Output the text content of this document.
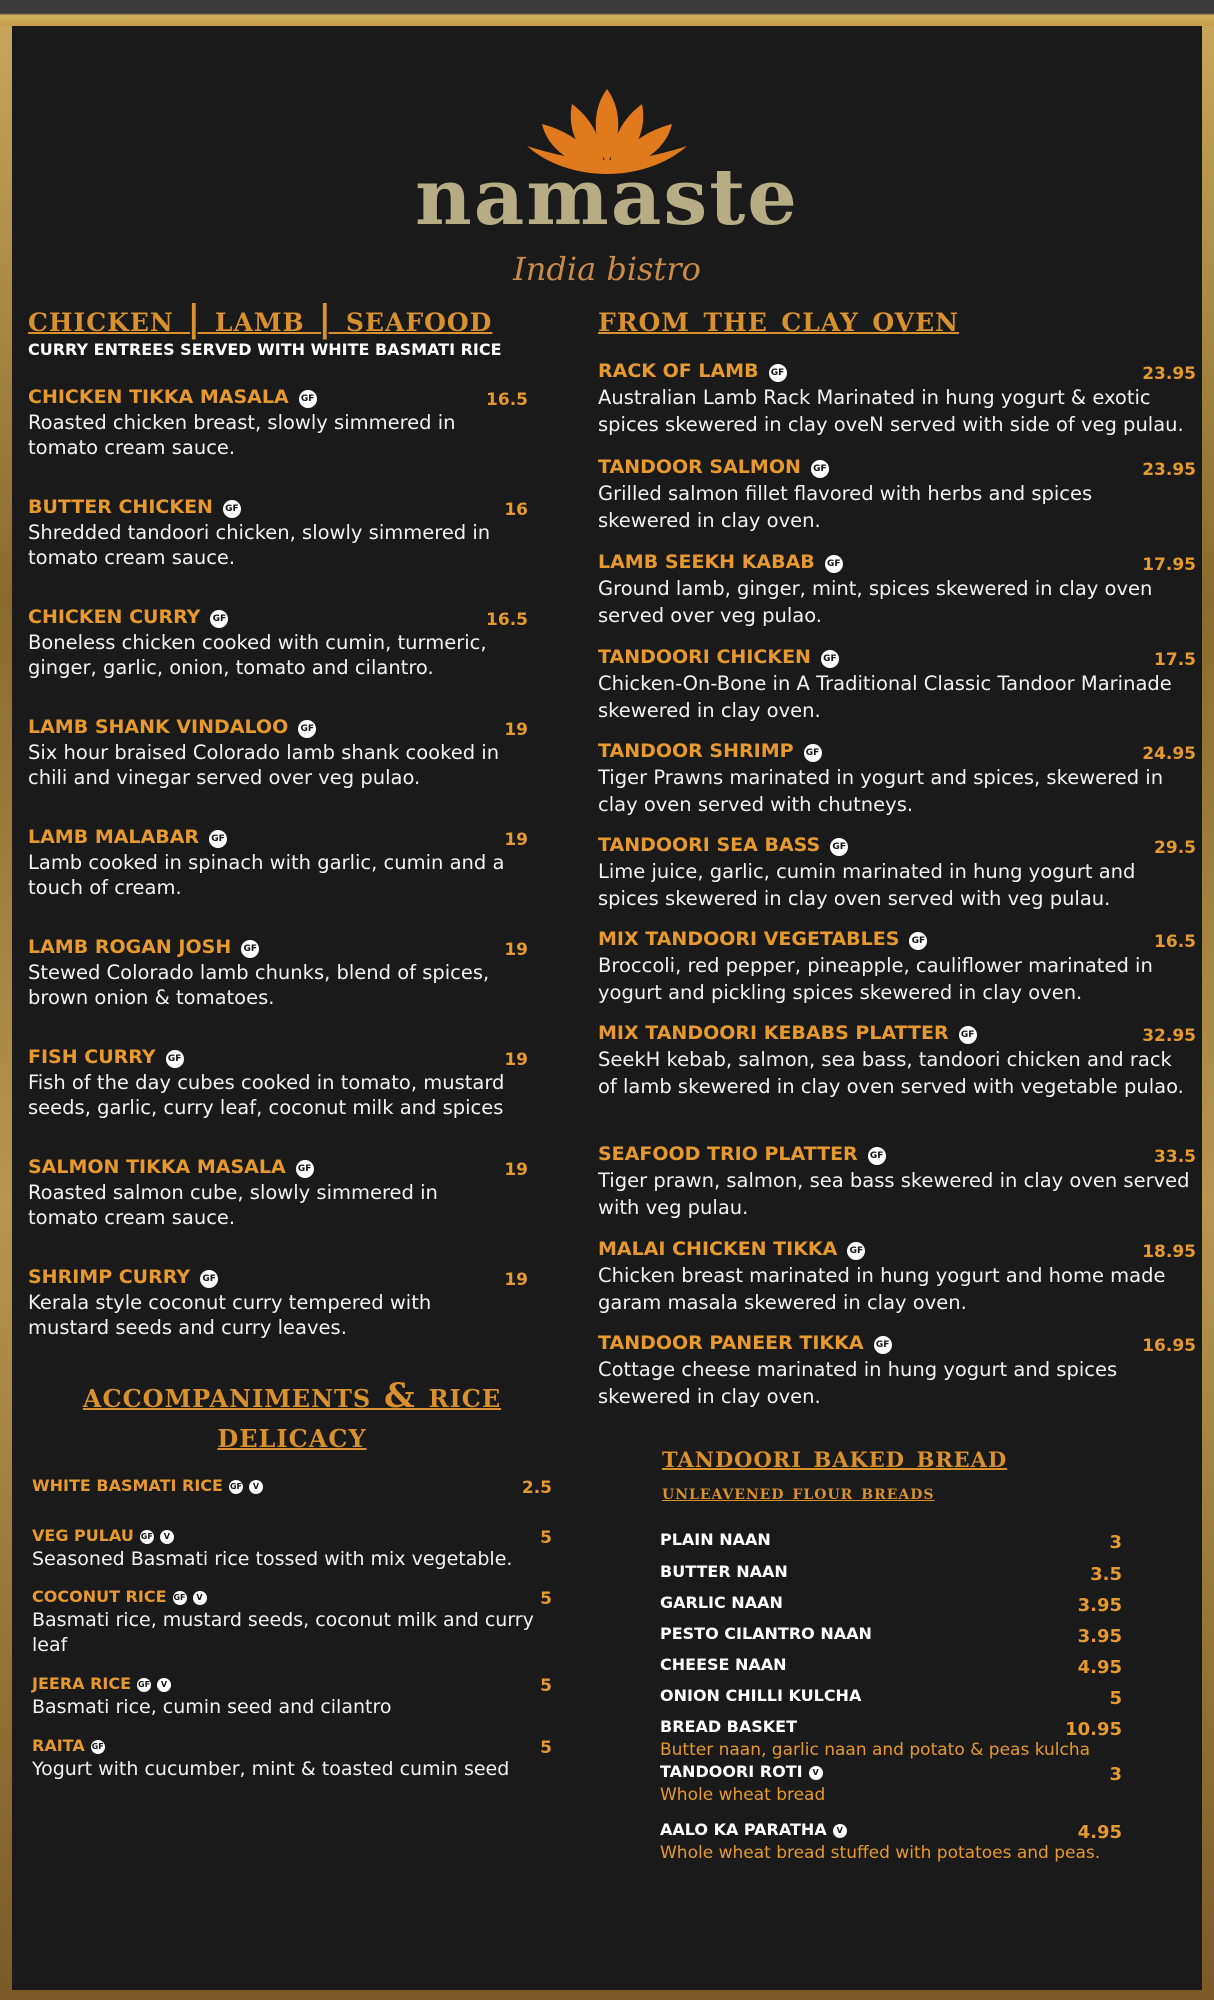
namaste
India bistro
chicken | lamb | seafood
CURRY ENTREES SERVED WITH WHITE BASMATI RICE
CHICKEN TIKKA MASALA GF	16.5
Roasted chicken breast, slowly simmered in tomato cream sauce.
BUTTER CHICKEN GF	16
Shredded tandoori chicken, slowly simmered in tomato cream sauce.
CHICKEN CURRY GF	16.5
Boneless chicken cooked with cumin, turmeric, ginger, garlic, onion, tomato and cilantro.
LAMB SHANK VINDALOO GF	19
Six hour braised Colorado lamb shank cooked in chili and vinegar served over veg pulao.
LAMB MALABAR GF	19
Lamb cooked in spinach with garlic, cumin and a touch of cream.
LAMB ROGAN JOSH GF	19
Stewed Colorado lamb chunks, blend of spices, brown onion & tomatoes.
FISH CURRY GF	19
Fish of the day cubes cooked in tomato, mustard seeds, garlic, curry leaf, coconut milk and spices
SALMON TIKKA MASALA GF	19
Roasted salmon cube, slowly simmered in tomato cream sauce.
SHRIMP CURRY GF	19
Kerala style coconut curry tempered with mustard seeds and curry leaves.
from the clay oven
RACK OF LAMB GF	23.95
Australian Lamb Rack Marinated in hung yogurt & exotic spices skewered in clay oveN served with side of veg pulau.
TANDOOR SALMON GF	23.95
Grilled salmon fillet flavored with herbs and spices skewered in clay oven.
LAMB SEEKH KABAB GF	17.95
Ground lamb, ginger, mint, spices skewered in clay oven served over veg pulao.
TANDOORI CHICKEN GF	17.5
Chicken-On-Bone in A Traditional Classic Tandoor Marinade skewered in clay oven.
TANDOOR SHRIMP GF	24.95
Tiger Prawns marinated in yogurt and spices, skewered in clay oven served with chutneys.
TANDOORI SEA BASS GF	29.5
Lime juice, garlic, cumin marinated in hung yogurt and spices skewered in clay oven served with veg pulau.
MIX TANDOORI VEGETABLES GF	16.5
Broccoli, red pepper, pineapple, cauliflower marinated in yogurt and pickling spices skewered in clay oven.
MIX TANDOORI KEBABS PLATTER GF	32.95
SeekH kebab, salmon, sea bass, tandoori chicken and rack of lamb skewered in clay oven served with vegetable pulao.
SEAFOOD TRIO PLATTER GF	33.5
Tiger prawn, salmon, sea bass skewered in clay oven served with veg pulau.
MALAI CHICKEN TIKKA GF	18.95
Chicken breast marinated in hung yogurt and home made garam masala skewered in clay oven.
TANDOOR PANEER TIKKA GF	16.95
Cottage cheese marinated in hung yogurt and spices skewered in clay oven.
accompaniments & rice
delicacy
WHITE BASMATI RICE GF V	2.5
VEG PULAU GF V	5
Seasoned Basmati rice tossed with mix vegetable.
COCONUT RICE GF V	5
Basmati rice, mustard seeds, coconut milk and curry leaf
JEERA RICE GF V	5
Basmati rice, cumin seed and cilantro
RAITA GF	5
Yogurt with cucumber, mint & toasted cumin seed
tandoori baked bread
unleavened flour breads
PLAIN NAAN	3
BUTTER NAAN	3.5
GARLIC NAAN	3.95
PESTO CILANTRO NAAN	3.95
CHEESE NAAN	4.95
ONION CHILLI KULCHA	5
BREAD BASKET	10.95
Butter naan, garlic naan and potato & peas kulcha
TANDOORI ROTI V	3
Whole wheat bread
AALO KA PARATHA V	4.95
Whole wheat bread stuffed with potatoes and peas.
